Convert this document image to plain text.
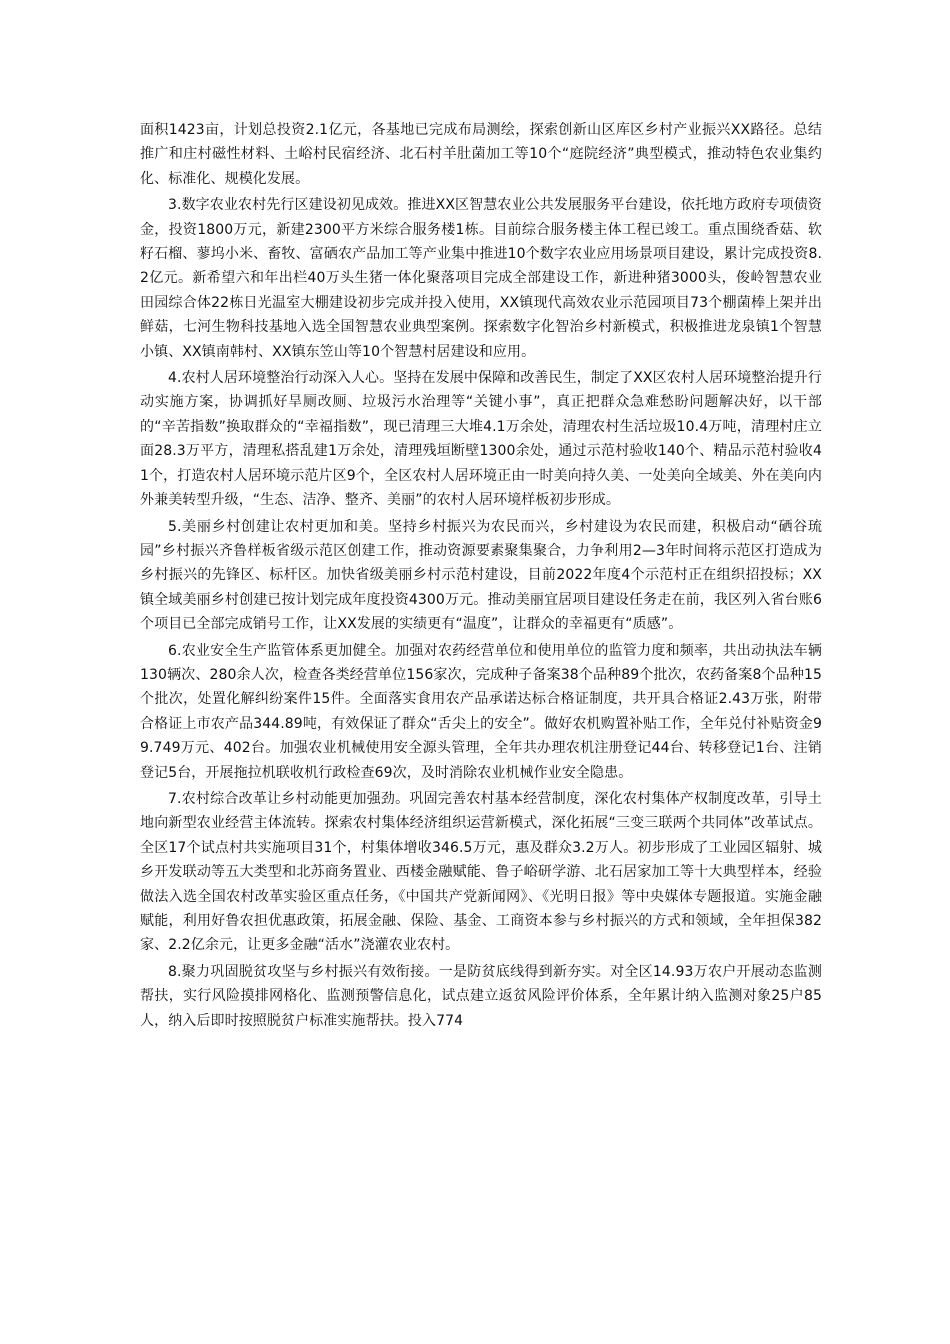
面积1423亩，计划总投资2.1亿元，各基地已完成布局测绘，探索创新山区库区乡村产业振兴XX路径。总结推广和庄村磁性材料、土峪村民宿经济、北石村羊肚菌加工等10个“庭院经济”典型模式，推动特色农业集约化、标准化、规模化发展。

3.数字农业农村先行区建设初见成效。推进XX区智慧农业公共发展服务平台建设，依托地方政府专项债资金，投资1800万元，新建2300平方米综合服务楼1栋。目前综合服务楼主体工程已竣工。重点围绕香菇、软籽石榴、蓼坞小米、畜牧、富硒农产品加工等产业集中推进10个数字农业应用场景项目建设，累计完成投资8.2亿元。新希望六和年出栏40万头生猪一体化聚落项目完成全部建设工作，新进种猪3000头，俊岭智慧农业田园综合体22栋日光温室大棚建设初步完成并投入使用，XX镇现代高效农业示范园项目73个棚菌棒上架并出鲜菇，七河生物科技基地入选全国智慧农业典型案例。探索数字化智治乡村新模式，积极推进龙泉镇1个智慧小镇、XX镇南韩村、XX镇东笠山等10个智慧村居建设和应用。

4.农村人居环境整治行动深入人心。坚持在发展中保障和改善民生，制定了XX区农村人居环境整治提升行动实施方案，协调抓好旱厕改厕、垃圾污水治理等“关键小事”，真正把群众急难愁盼问题解决好，以干部的“辛苦指数”换取群众的“幸福指数”，现已清理三大堆4.1万余处，清理农村生活垃圾10.4万吨，清理村庄立面28.3万平方，清理私搭乱建1万余处，清理残垣断壁1300余处，通过示范村验收140个、精品示范村验收41个，打造农村人居环境示范片区9个，全区农村人居环境正由一时美向持久美、一处美向全域美、外在美向内外兼美转型升级，“生态、洁净、整齐、美丽”的农村人居环境样板初步形成。

5.美丽乡村创建让农村更加和美。坚持乡村振兴为农民而兴，乡村建设为农民而建，积极启动“硒谷琉园”乡村振兴齐鲁样板省级示范区创建工作，推动资源要素聚集聚合，力争利用2—3年时间将示范区打造成为乡村振兴的先锋区、标杆区。加快省级美丽乡村示范村建设，目前2022年度4个示范村正在组织招投标；XX镇全域美丽乡村创建已按计划完成年度投资4300万元。推动美丽宜居项目建设任务走在前，我区列入省台账6个项目已全部完成销号工作，让XX发展的实绩更有“温度”，让群众的幸福更有“质感”。

6.农业安全生产监管体系更加健全。加强对农药经营单位和使用单位的监管力度和频率，共出动执法车辆130辆次、280余人次，检查各类经营单位156家次，完成种子备案38个品种89个批次，农药备案8个品种15个批次，处置化解纠纷案件15件。全面落实食用农产品承诺达标合格证制度，共开具合格证2.43万张，附带合格证上市农产品344.89吨，有效保证了群众“舌尖上的安全”。做好农机购置补贴工作，全年兑付补贴资金99.749万元、402台。加强农业机械使用安全源头管理，全年共办理农机注册登记44台、转移登记1台、注销登记5台，开展拖拉机联收机行政检查69次，及时消除农业机械作业安全隐患。

7.农村综合改革让乡村动能更加强劲。巩固完善农村基本经营制度，深化农村集体产权制度改革，引导土地向新型农业经营主体流转。探索农村集体经济组织运营新模式，深化拓展“三变三联两个共同体”改革试点。全区17个试点村共实施项目31个，村集体增收346.5万元，惠及群众3.2万人。初步形成了工业园区辐射、城乡开发联动等五大类型和北苏商务置业、西楼金融赋能、鲁子峪研学游、北石居家加工等十大典型样本，经验做法入选全国农村改革实验区重点任务，《中国共产党新闻网》、《光明日报》等中央媒体专题报道。实施金融赋能，利用好鲁农担优惠政策，拓展金融、保险、基金、工商资本参与乡村振兴的方式和领域，全年担保382家、2.2亿余元，让更多金融“活水”浇灌农业农村。

8.聚力巩固脱贫攻坚与乡村振兴有效衔接。一是防贫底线得到新夯实。对全区14.93万农户开展动态监测帮扶，实行风险摸排网格化、监测预警信息化，试点建立返贫风险评价体系，全年累计纳入监测对象25户85人，纳入后即时按照脱贫户标准实施帮扶。投入774
